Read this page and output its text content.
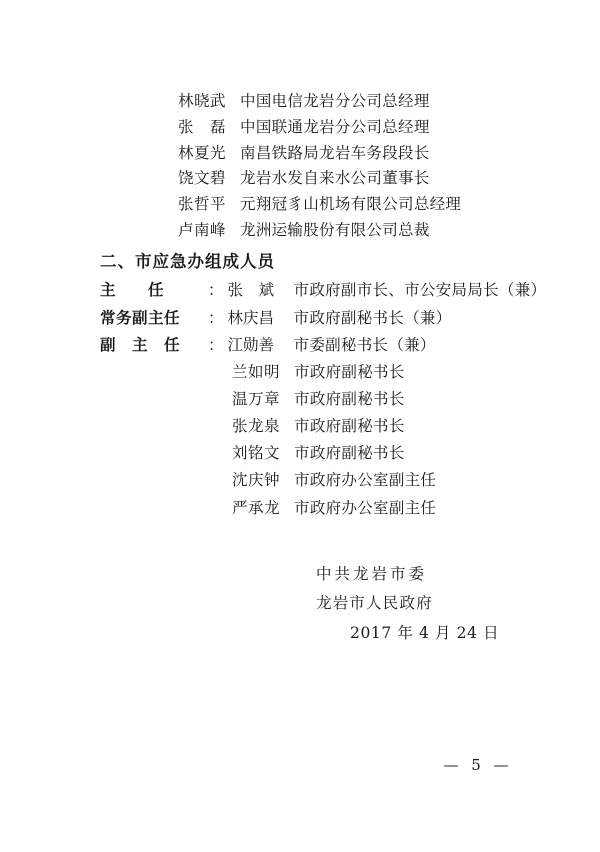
林晓武 中国电信龙岩分公司总经理
张　磊 中国联通龙岩分公司总经理
林夏光 南昌铁路局龙岩车务段段长
饶文碧 龙岩水发自来水公司董事长
张哲平 元翔冠豸山机场有限公司总经理
卢南峰 龙洲运输股份有限公司总裁
二、市应急办组成人员
主　　任	： 张　斌	市政府副市长、市公安局局长（兼）
常务副主任	： 林庆昌	市政府副秘书长（兼）
副　主　任	： 江勋善	市委副秘书长（兼）
兰如明 市政府副秘书长
温万章 市政府副秘书长
张龙泉 市政府副秘书长
刘铭文 市政府副秘书长
沈庆钟 市政府办公室副主任
严承龙 市政府办公室副主任
中共龙岩市委
龙岩市人民政府
2017 年 4 月 24 日
— 5 —
